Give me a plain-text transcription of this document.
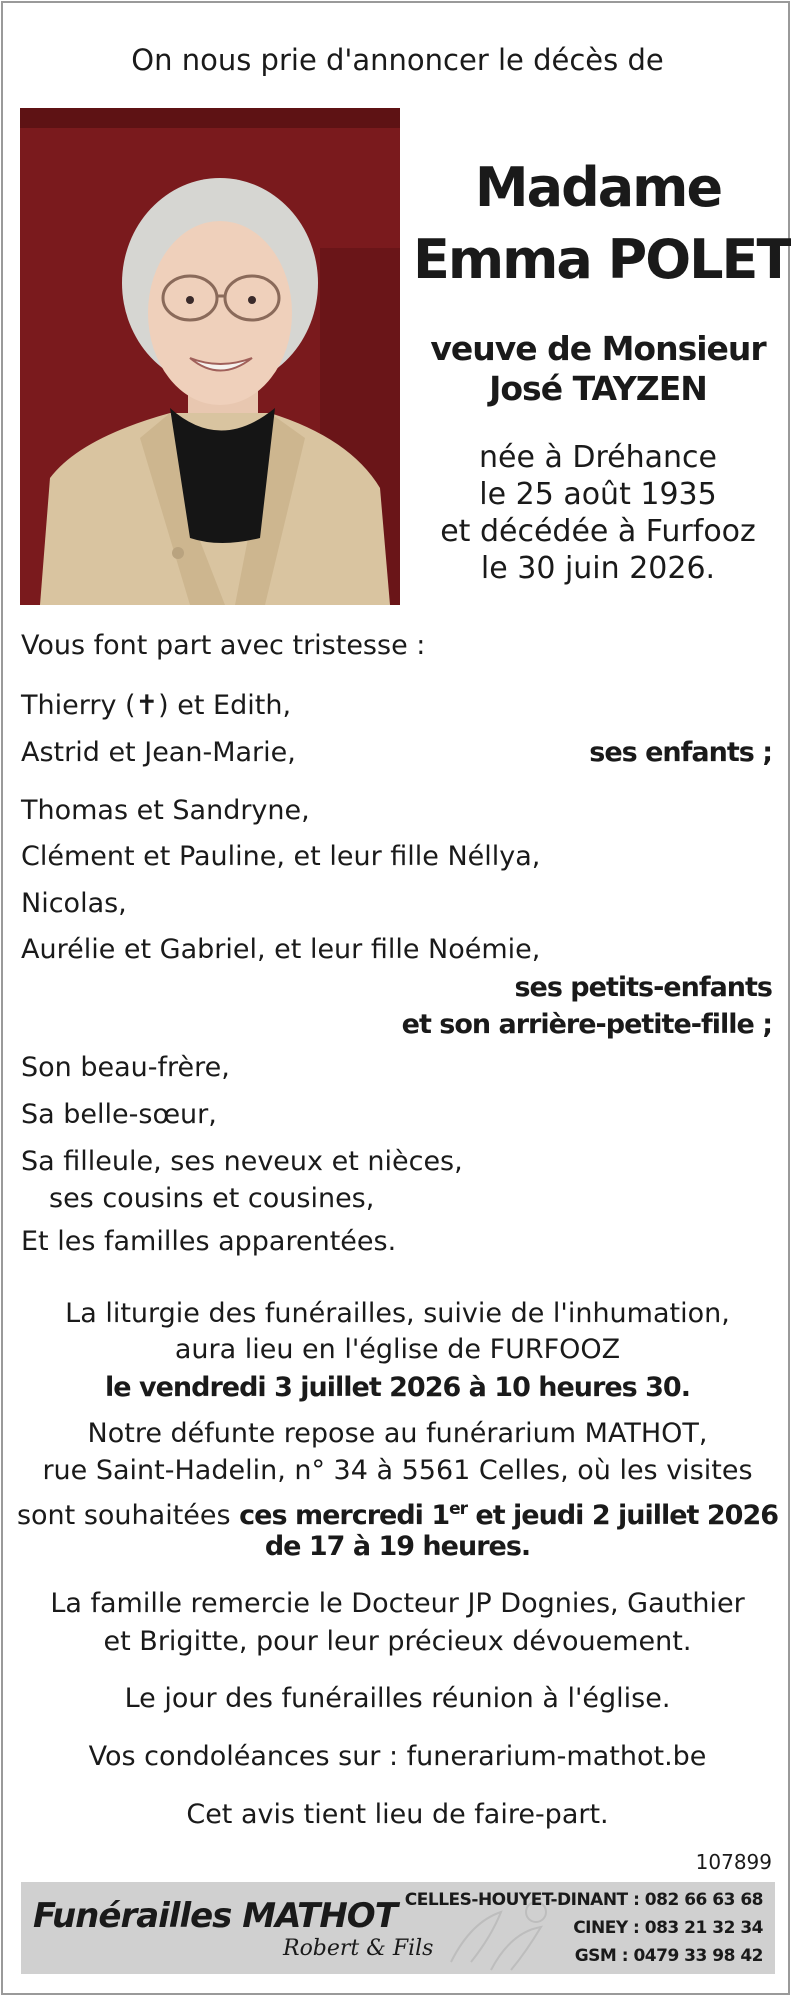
On nous prie d'annoncer le décès de
Madame
Emma POLET
veuve de Monsieur
José TAYZEN
née à Dréhance
le 25 août 1935
et décédée à Furfooz
le 30 juin 2026.
Vous font part avec tristesse :
Thierry (✝) et Edith,
Astrid et Jean-Marie,	ses enfants ;
Thomas et Sandryne,
Clément et Pauline, et leur fille Néllya,
Nicolas,
Aurélie et Gabriel, et leur fille Noémie,
ses petits-enfants
et son arrière-petite-fille ;
Son beau-frère,
Sa belle-sœur,
Sa filleule, ses neveux et nièces,
ses cousins et cousines,
Et les familles apparentées.
La liturgie des funérailles, suivie de l'inhumation,
aura lieu en l'église de FURFOOZ
le vendredi 3 juillet 2026 à 10 heures 30.
Notre défunte repose au funérarium MATHOT,
rue Saint-Hadelin, n° 34 à 5561 Celles, où les visites
sont souhaitées ces mercredi 1er et jeudi 2 juillet 2026
de 17 à 19 heures.
La famille remercie le Docteur JP Dognies, Gauthier
et Brigitte, pour leur précieux dévouement.
Le jour des funérailles réunion à l'église.
Vos condoléances sur : funerarium-mathot.be
Cet avis tient lieu de faire-part.
107899
Funérailles MATHOT
Robert & Fils
CELLES-HOUYET-DINANT : 082 66 63 68
CINEY : 083 21 32 34
GSM : 0479 33 98 42
